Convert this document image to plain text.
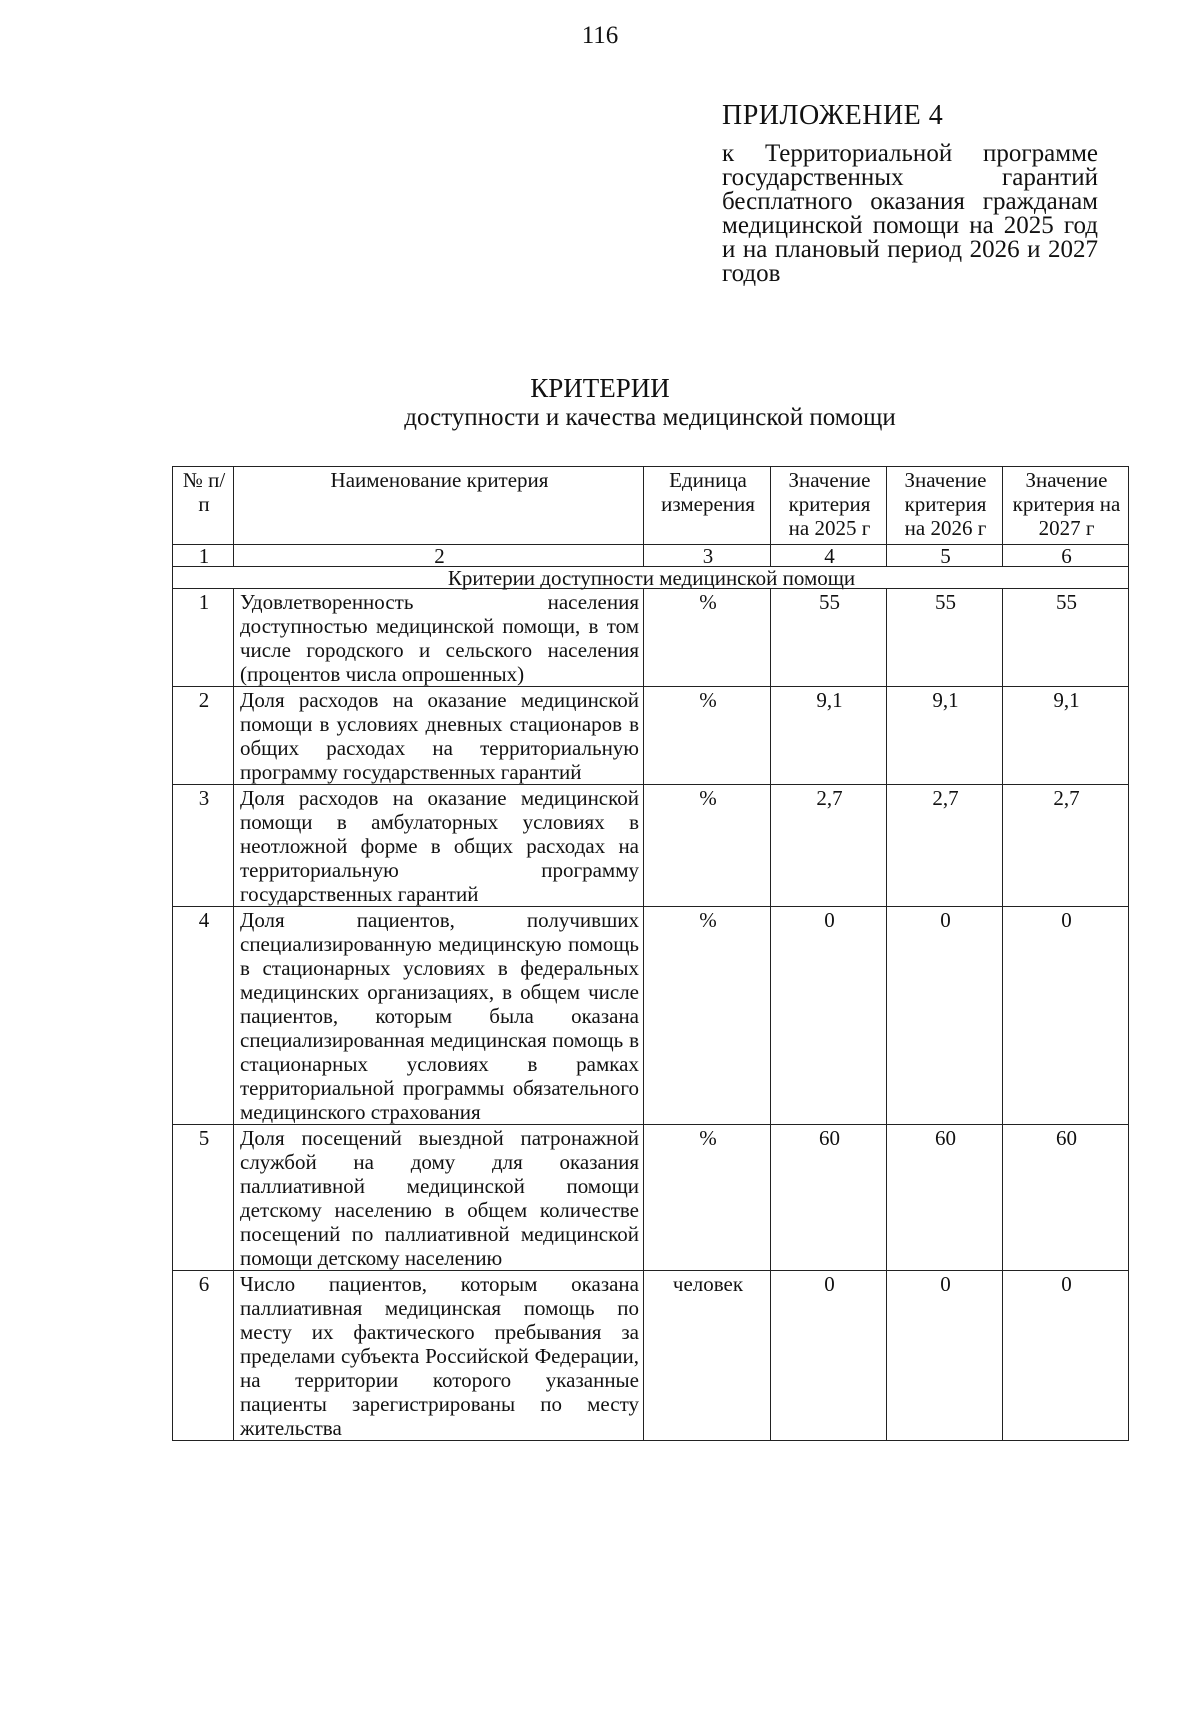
116
ПРИЛОЖЕНИЕ 4
к Территориальной программе государственных гарантий бесплатного оказания гражданам медицинской помощи на 2025 год и на плановый период 2026 и 2027 годов
КРИТЕРИИ
доступности и качества медицинской помощи
№ п/п	Наименование критерия	Единица измерения	Значение критерия на 2025 г	Значение критерия на 2026 г	Значение критерия на 2027 г
1	2	3	4	5	6
Критерии доступности медицинской помощи					
1	Удовлетворенность населения доступностью медицинской помощи, в том числе городского и сельского населения (процентов числа опрошенных)	%	55	55	55
2	Доля расходов на оказание медицинской помощи в условиях дневных стационаров в общих расходах на территориальную программу государственных гарантий	%	9,1	9,1	9,1
3	Доля расходов на оказание медицинской помощи в амбулаторных условиях в неотложной форме в общих расходах на территориальную программу государственных гарантий	%	2,7	2,7	2,7
4	Доля пациентов, получивших специализированную медицинскую помощь в стационарных условиях в федеральных медицинских организациях, в общем числе пациентов, которым была оказана специализированная медицинская помощь в стационарных условиях в рамках территориальной программы обязательного медицинского страхования	%	0	0	0
5	Доля посещений выездной патронажной службой на дому для оказания паллиативной медицинской помощи детскому населению в общем количестве посещений по паллиативной медицинской помощи детскому населению	%	60	60	60
6	Число пациентов, которым оказана паллиативная медицинская помощь по месту их фактического пребывания за пределами субъекта Российской Федерации, на территории которого указанные пациенты зарегистрированы по месту жительства	человек	0	0	0
